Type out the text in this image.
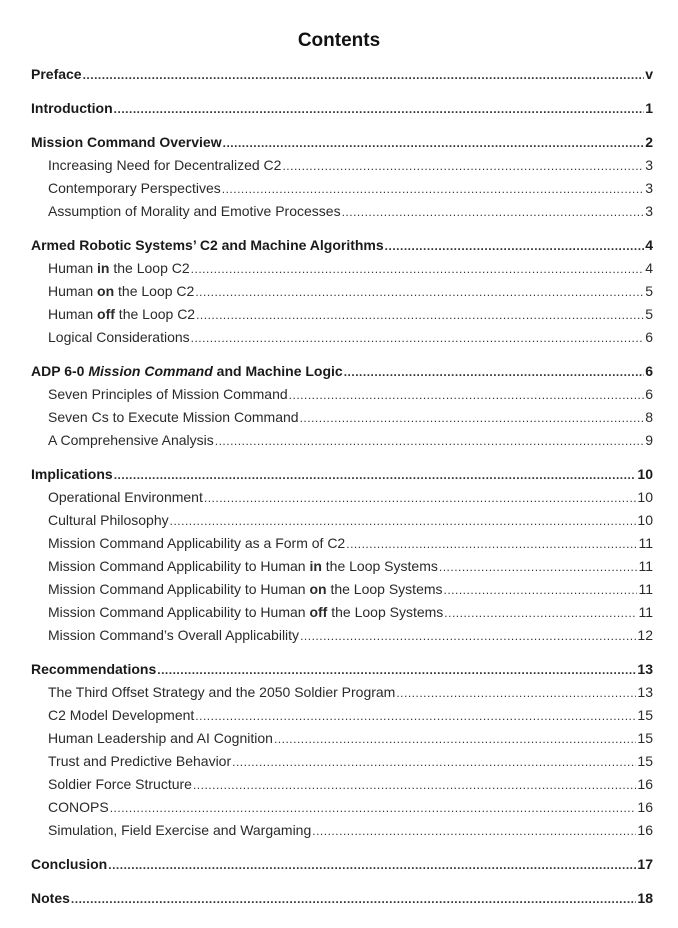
Contents
Preface .....	v
Introduction .....	1
Mission Command Overview .....	2
Increasing Need for Decentralized C2 .....	3
Contemporary Perspectives .....	3
Assumption of Morality and Emotive Processes .....	3
Armed Robotic Systems’ C2 and Machine Algorithms .....	4
Human in the Loop C2 .....	4
Human on the Loop C2 .....	5
Human off the Loop C2 .....	5
Logical Considerations .....	6
ADP 6-0 Mission Command and Machine Logic .....	6
Seven Principles of Mission Command .....	6
Seven Cs to Execute Mission Command .....	8
A Comprehensive Analysis .....	9
Implications .....	10
Operational Environment .....	10
Cultural Philosophy .....	10
Mission Command Applicability as a Form of C2 .....	11
Mission Command Applicability to Human in the Loop Systems .....	11
Mission Command Applicability to Human on the Loop Systems .....	11
Mission Command Applicability to Human off the Loop Systems .....	11
Mission Command’s Overall Applicability .....	12
Recommendations .....	13
The Third Offset Strategy and the 2050 Soldier Program .....	13
C2 Model Development .....	15
Human Leadership and AI Cognition .....	15
Trust and Predictive Behavior .....	15
Soldier Force Structure .....	16
CONOPS .....	16
Simulation, Field Exercise and Wargaming .....	16
Conclusion .....	17
Notes .....	18
